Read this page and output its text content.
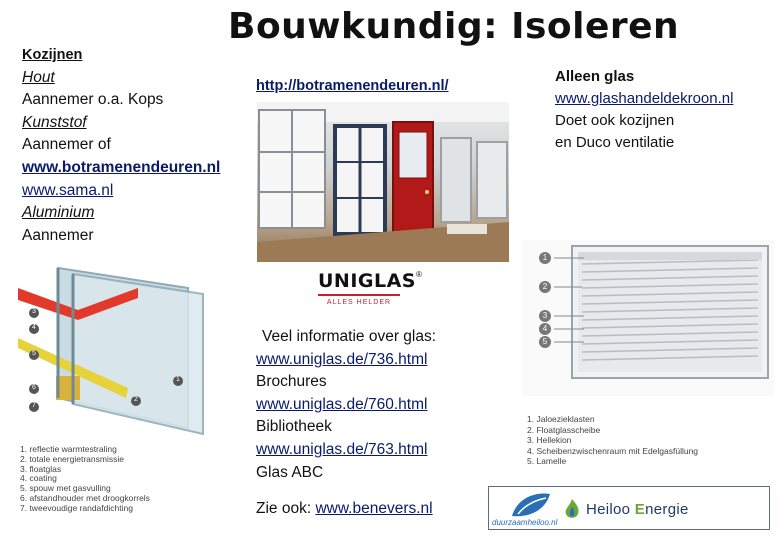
Bouwkundig: Isoleren
Kozijnen
Hout
Aannemer o.a. Kops
Kunststof
Aannemer of
www.botramenendeuren.nl
www.sama.nl
Aluminium
Aannemer
http://botramenendeuren.nl/
Alleen glas
www.glashandeldekroon.nl
Doet ook kozijnen
en Duco ventilatie
1
2
3
4
5
3
4
5
6
7
1
2
UNIGLAS®
ALLES HELDER
Veel informatie over glas:
www.uniglas.de/736.html
Brochures
www.uniglas.de/760.html
Bibliotheek
www.uniglas.de/763.html
Glas ABC
Zie ook: www.benevers.nl
1. reflectie warmtestraling
2. totale energietransmissie
3. floatglas
4. coating
5. spouw met gasvulling
6. afstandhouder met droogkorrels
7. tweevoudige randafdichting
1. Jaloezieklasten
2. Floatglasscheibe
3. Hellekion
4. Scheibenzwischenraum mit Edelgasfüllung
5. Lamelle
Heiloo Energie
duurzaamheiloo.nl
